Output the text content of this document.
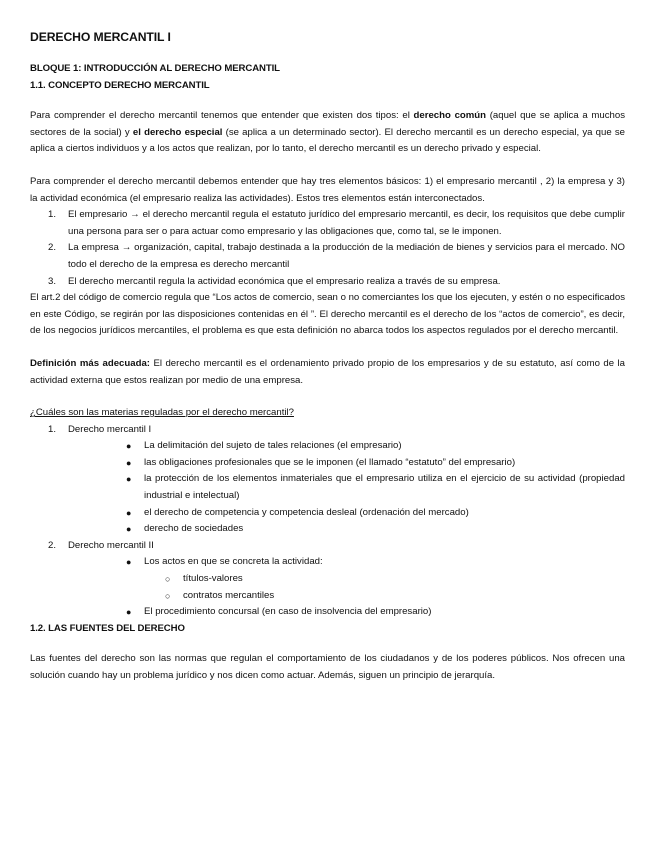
DERECHO MERCANTIL I
BLOQUE 1: INTRODUCCIÓN AL DERECHO MERCANTIL
1.1. CONCEPTO DERECHO MERCANTIL

Para comprender el derecho mercantil tenemos que entender que existen dos tipos: el derecho común (aquel que se aplica a muchos sectores de la social) y el derecho especial (se aplica a un determinado sector). El derecho mercantil es un derecho especial, ya que se aplica a ciertos individuos y a los actos que realizan, por lo tanto, el derecho mercantil es un derecho privado y especial.

Para comprender el derecho mercantil debemos entender que hay tres elementos básicos: 1) el empresario mercantil , 2) la empresa y 3) la actividad económica (el empresario realiza las actividades). Estos tres elementos están interconectados.

1. El empresario → el derecho mercantil regula el estatuto jurídico del empresario mercantil, es decir, los requisitos que debe cumplir una persona para ser o para actuar como empresario y las obligaciones que, como tal, se le imponen.
2. La empresa → organización, capital, trabajo destinada a la producción de la mediación de bienes y servicios para el mercado. NO todo el derecho de la empresa es derecho mercantil
3. El derecho mercantil regula la actividad económica que el empresario realiza a través de su empresa.

El art.2 del código de comercio regula que “Los actos de comercio, sean o no comerciantes los que los ejecuten, y estén o no especificados en este Código, se regirán por las disposiciones contenidas en él ”. El derecho mercantil es el derecho de los “actos de comercio”, es decir, de los negocios jurídicos mercantiles, el problema es que esta definición no abarca todos los aspectos regulados por el derecho mercantil.

Definición más adecuada: El derecho mercantil es el ordenamiento privado propio de los empresarios y de su estatuto, así como de la actividad externa que estos realizan por medio de una empresa.

¿Cuáles son las materias reguladas por el derecho mercantil?

1. Derecho mercantil I
● La delimitación del sujeto de tales relaciones (el empresario)
● las obligaciones profesionales que se le imponen (el llamado “estatuto” del empresario)
● la protección de los elementos inmateriales que el empresario utiliza en el ejercicio de su actividad (propiedad industrial e intelectual)
● el derecho de competencia y competencia desleal (ordenación del mercado)
● derecho de sociedades
2. Derecho mercantil II
● Los actos en que se concreta la actividad:
○ títulos-valores
○ contratos mercantiles
● El procedimiento concursal (en caso de insolvencia del empresario)
1.2. LAS FUENTES DEL DERECHO

Las fuentes del derecho son las normas que regulan el comportamiento de los ciudadanos y de los poderes públicos. Nos ofrecen una solución cuando hay un problema jurídico y nos dicen como actuar. Además, siguen un principio de jerarquía.
